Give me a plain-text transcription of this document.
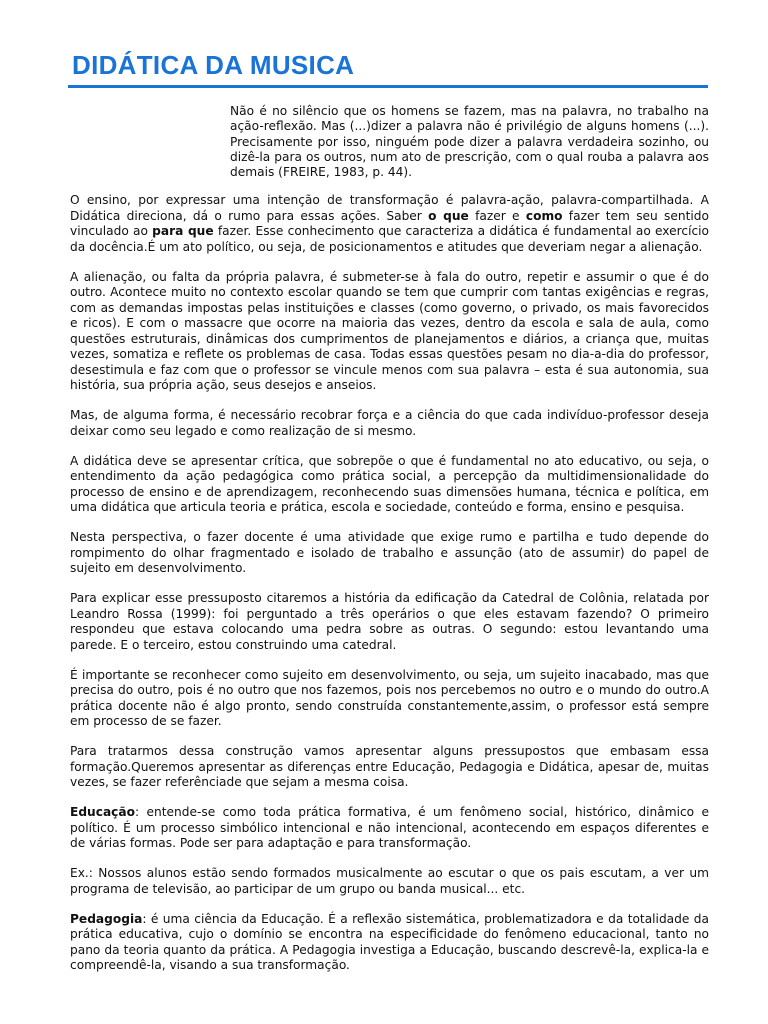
DIDÁTICA DA MUSICA

Não é no silêncio que os homens se fazem, mas na palavra, no trabalho na ação-reflexão. Mas (...)dizer a palavra não é privilégio de alguns homens (...). Precisamente por isso, ninguém pode dizer a palavra verdadeira sozinho, ou dizê-la para os outros, num ato de prescrição, com o qual rouba a palavra aos demais (FREIRE, 1983, p. 44).

O ensino, por expressar uma intenção de transformação é palavra-ação, palavra-compartilhada. A Didática direciona, dá o rumo para essas ações. Saber o que fazer e como fazer tem seu sentido vinculado ao para que fazer. Esse conhecimento que caracteriza a didática é fundamental ao exercício da docência.É um ato político, ou seja, de posicionamentos e atitudes que deveriam negar a alienação.

A alienação, ou falta da própria palavra, é submeter-se à fala do outro, repetir e assumir o que é do outro. Acontece muito no contexto escolar quando se tem que cumprir com tantas exigências e regras, com as demandas impostas pelas instituições e classes (como governo, o privado, os mais favorecidos e ricos). E com o massacre que ocorre na maioria das vezes, dentro da escola e sala de aula, como questões estruturais, dinâmicas dos cumprimentos de planejamentos e diários, a criança que, muitas vezes, somatiza e reflete os problemas de casa. Todas essas questões pesam no dia-a-dia do professor, desestimula e faz com que o professor se vincule menos com sua palavra – esta é sua autonomia, sua história, sua própria ação, seus desejos e anseios.

Mas, de alguma forma, é necessário recobrar força e a ciência do que cada indivíduo-professor deseja deixar como seu legado e como realização de si mesmo.

A didática deve se apresentar crítica, que sobrepõe o que é fundamental no ato educativo, ou seja, o entendimento da ação pedagógica como prática social, a percepção da multidimensionalidade do processo de ensino e de aprendizagem, reconhecendo suas dimensões humana, técnica e política, em uma didática que articula teoria e prática, escola e sociedade, conteúdo e forma, ensino e pesquisa.

Nesta perspectiva, o fazer docente é uma atividade que exige rumo e partilha e tudo depende do rompimento do olhar fragmentado e isolado de trabalho e assunção (ato de assumir) do papel de sujeito em desenvolvimento.

Para explicar esse pressuposto citaremos a história da edificação da Catedral de Colônia, relatada por Leandro Rossa (1999): foi perguntado a três operários o que eles estavam fazendo? O primeiro respondeu que estava colocando uma pedra sobre as outras. O segundo: estou levantando uma parede. E o terceiro, estou construindo uma catedral.

É importante se reconhecer como sujeito em desenvolvimento, ou seja, um sujeito inacabado, mas que precisa do outro, pois é no outro que nos fazemos, pois nos percebemos no outro e o mundo do outro.A prática docente não é algo pronto, sendo construída constantemente,assim, o professor está sempre em processo de se fazer.

Para tratarmos dessa construção vamos apresentar alguns pressupostos que embasam essa formação.Queremos apresentar as diferenças entre Educação, Pedagogia e Didática, apesar de, muitas vezes, se fazer referênciade que sejam a mesma coisa.

Educação: entende-se como toda prática formativa, é um fenômeno social, histórico, dinâmico e político. É um processo simbólico intencional e não intencional, acontecendo em espaços diferentes e de várias formas. Pode ser para adaptação e para transformação.

Ex.: Nossos alunos estão sendo formados musicalmente ao escutar o que os pais escutam, a ver um programa de televisão, ao participar de um grupo ou banda musical... etc.

Pedagogia: é uma ciência da Educação. É a reflexão sistemática, problematizadora e da totalidade da prática educativa, cujo o domínio se encontra na especificidade do fenômeno educacional, tanto no pano da teoria quanto da prática. A Pedagogia investiga a Educação, buscando descrevê-la, explica-la e compreendê-la, visando a sua transformação.
